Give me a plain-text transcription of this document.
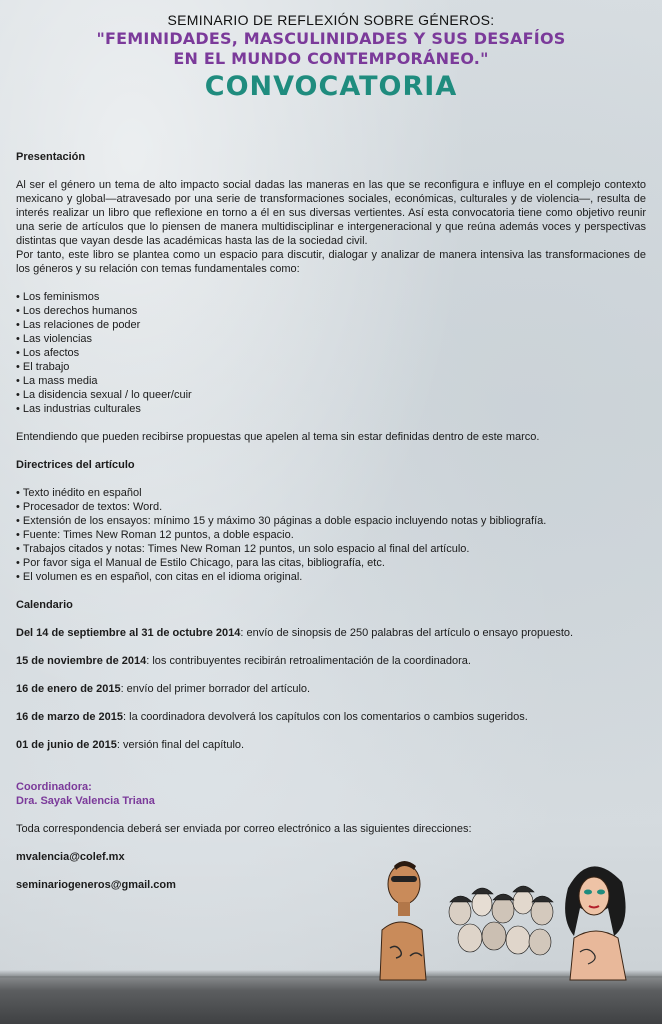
SEMINARIO DE REFLEXIÓN SOBRE GÉNEROS:
"FEMINIDADES, MASCULINIDADES Y SUS DESAFÍOS
EN EL MUNDO CONTEMPORÁNEO."
CONVOCATORIA
Presentación

Al ser el género un tema de alto impacto social dadas las maneras en las que se reconfigura e influye en el complejo contexto mexicano y global—atravesado por una serie de transformaciones sociales, económicas, culturales y de violencia—, resulta de interés realizar un libro que reflexione en torno a él en sus diversas vertientes. Así esta convocatoria tiene como objetivo reunir una serie de artículos que lo piensen de manera multidisciplinar e intergeneracional y que reúna además voces y perspectivas distintas que vayan desde las académicas hasta las de la sociedad civil.

Por tanto, este libro se plantea como un espacio para discutir, dialogar y analizar de manera intensiva las transformaciones de los géneros y su relación con temas fundamentales como:

• Los feminismos
• Los derechos humanos
• Las relaciones de poder
• Las violencias
• Los afectos
• El trabajo
• La mass media
• La disidencia sexual / lo queer/cuir
• Las industrias culturales

Entendiendo que pueden recibirse propuestas que apelen al tema sin estar definidas dentro de este marco.

Directrices del artículo
• Texto inédito en español
• Procesador de textos: Word.
• Extensión de los ensayos: mínimo 15 y máximo 30 páginas a doble espacio incluyendo notas y bibliografía.
• Fuente: Times New Roman 12 puntos, a doble espacio.
• Trabajos citados y notas: Times New Roman 12 puntos, un solo espacio al final del artículo.
• Por favor siga el Manual de Estilo Chicago, para las citas, bibliografía, etc.
• El volumen es en español, con citas en el idioma original.
Calendario

Del 14 de septiembre al 31 de octubre 2014: envío de sinopsis de 250 palabras del artículo o ensayo propuesto.

15 de noviembre de 2014: los contribuyentes recibirán retroalimentación de la coordinadora.

16 de enero de 2015: envío del primer borrador del artículo.

16 de marzo de 2015: la coordinadora devolverá los capítulos con los comentarios o cambios sugeridos.

01 de junio de 2015: versión final del capítulo.

Coordinadora:

Dra. Sayak Valencia Triana

Toda correspondencia deberá ser enviada por correo electrónico a las siguientes direcciones:

mvalencia@colef.mx

seminariogeneros@gmail.com
